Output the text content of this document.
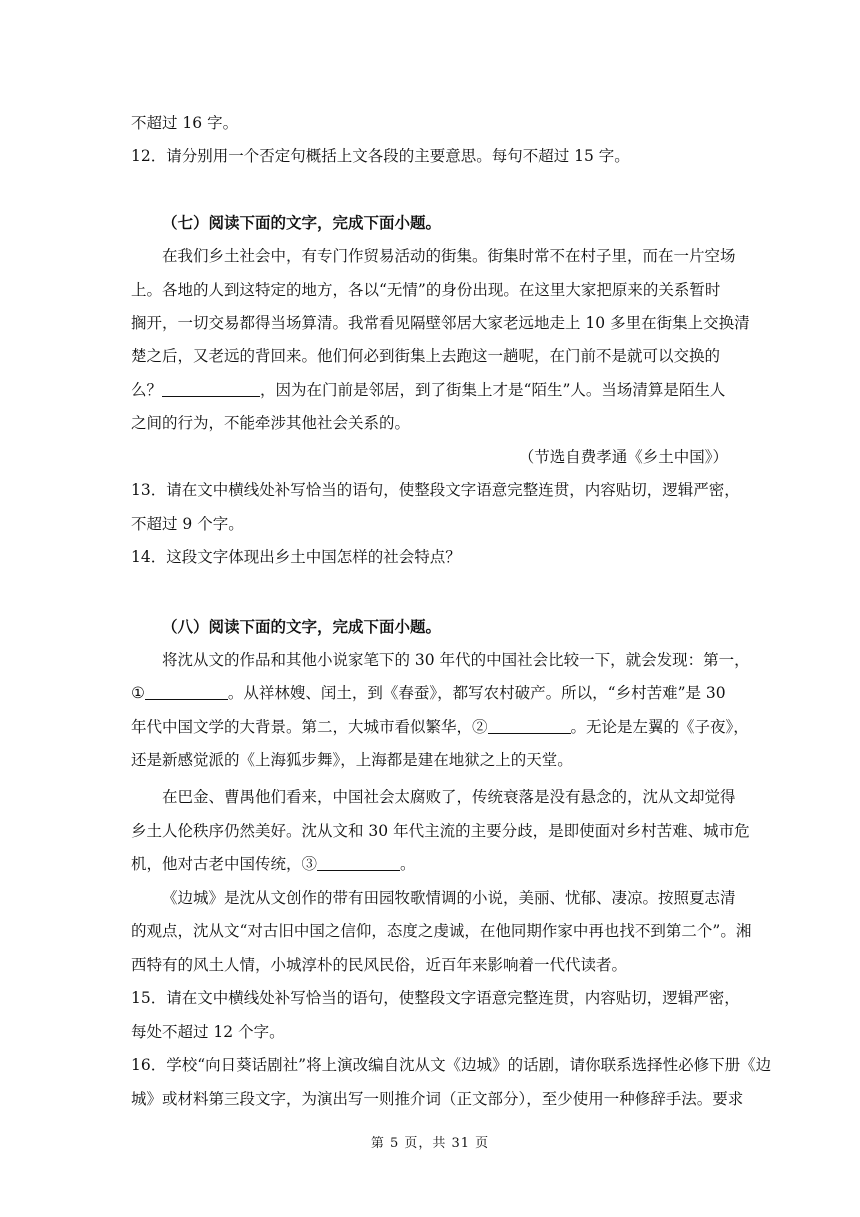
不超过 16 字。
12．请分别用一个否定句概括上文各段的主要意思。每句不超过 15 字。
（七）阅读下面的文字，完成下面小题。
在我们乡土社会中，有专门作贸易活动的街集。街集时常不在村子里，而在一片空场
上。各地的人到这特定的地方，各以“无情”的身份出现。在这里大家把原来的关系暂时
搁开，一切交易都得当场算清。我常看见隔壁邻居大家老远地走上 10 多里在街集上交换清
楚之后，又老远的背回来。他们何必到街集上去跑这一趟呢，在门前不是就可以交换的
么？	，因为在门前是邻居，到了街集上才是“陌生”人。当场清算是陌生人
之间的行为，不能牵涉其他社会关系的。
（节选自费孝通《乡土中国》）
13．请在文中横线处补写恰当的语句，使整段文字语意完整连贯，内容贴切，逻辑严密，
不超过 9 个字。
14．这段文字体现出乡土中国怎样的社会特点？
（八）阅读下面的文字，完成下面小题。
将沈从文的作品和其他小说家笔下的 30 年代的中国社会比较一下，就会发现：第一，
①	。从祥林嫂、闰土，到《春蚕》，都写农村破产。所以，“乡村苦难”是 30
年代中国文学的大背景。第二，大城市看似繁华，②	。无论是左翼的《子夜》，
还是新感觉派的《上海狐步舞》，上海都是建在地狱之上的天堂。
在巴金、曹禺他们看来，中国社会太腐败了，传统衰落是没有悬念的，沈从文却觉得
乡土人伦秩序仍然美好。沈从文和 30 年代主流的主要分歧，是即使面对乡村苦难、城市危
机，他对古老中国传统，③	。
《边城》是沈从文创作的带有田园牧歌情调的小说，美丽、忧郁、凄凉。按照夏志清
的观点，沈从文“对古旧中国之信仰，态度之虔诚，在他同期作家中再也找不到第二个”。湘
西特有的风土人情，小城淳朴的民风民俗，近百年来影响着一代代读者。
15．请在文中横线处补写恰当的语句，使整段文字语意完整连贯，内容贴切，逻辑严密，
每处不超过 12 个字。
16．学校“向日葵话剧社”将上演改编自沈从文《边城》的话剧，请你联系选择性必修下册《边
城》或材料第三段文字，为演出写一则推介词（正文部分），至少使用一种修辞手法。要求
第 5 页，共 31 页
